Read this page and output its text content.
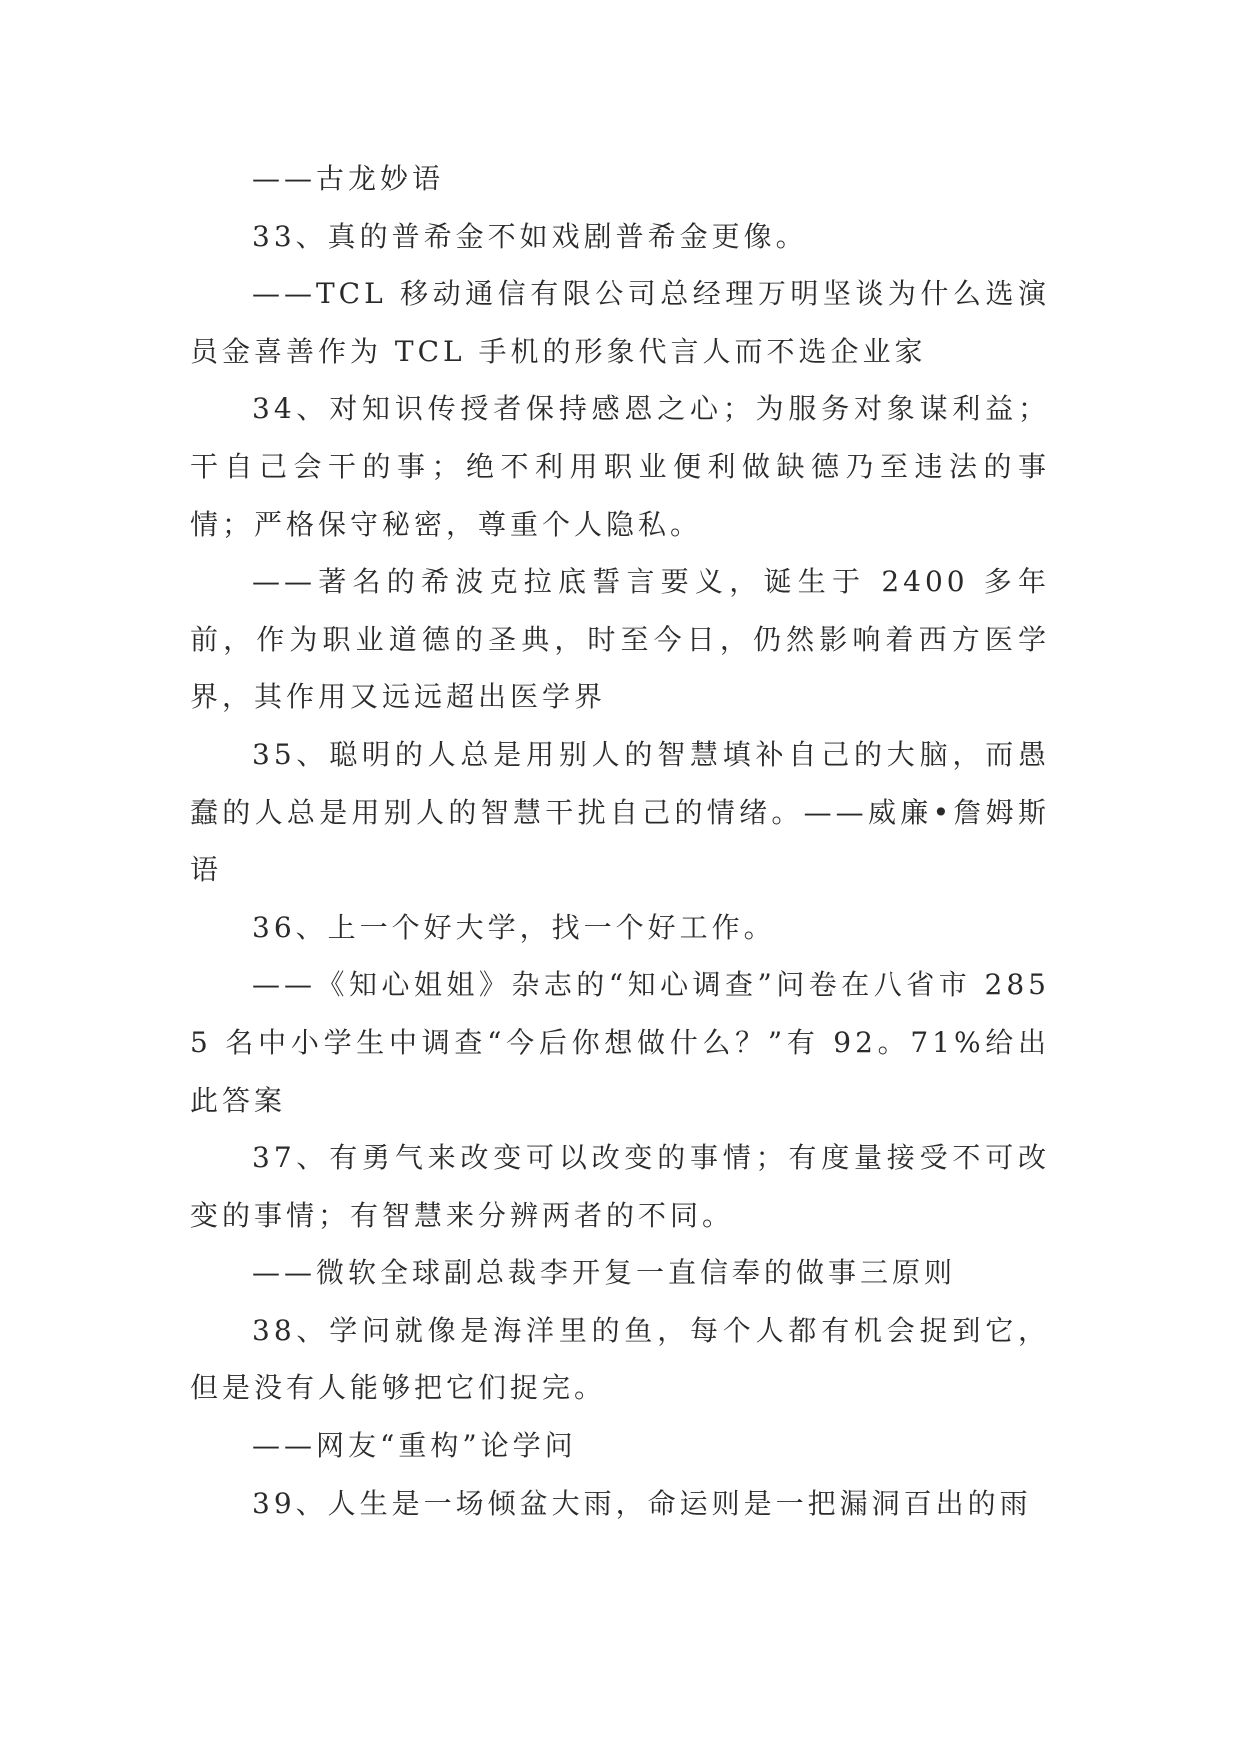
——古龙妙语

33、真的普希金不如戏剧普希金更像。

——TCL 移动通信有限公司总经理万明坚谈为什么选演员金喜善作为 TCL 手机的形象代言人而不选企业家

34、对知识传授者保持感恩之心；为服务对象谋利益；干自己会干的事；绝不利用职业便利做缺德乃至违法的事情；严格保守秘密，尊重个人隐私。

——著名的希波克拉底誓言要义，诞生于 2400 多年前，作为职业道德的圣典，时至今日，仍然影响着西方医学界，其作用又远远超出医学界

35、聪明的人总是用别人的智慧填补自己的大脑，而愚蠢的人总是用别人的智慧干扰自己的情绪。——威廉•詹姆斯语

36、上一个好大学，找一个好工作。

——《知心姐姐》杂志的“知心调查”问卷在八省市 2855 名中小学生中调查“今后你想做什么？”有 92。71%给出此答案

37、有勇气来改变可以改变的事情；有度量接受不可改变的事情；有智慧来分辨两者的不同。

——微软全球副总裁李开复一直信奉的做事三原则

38、学问就像是海洋里的鱼，每个人都有机会捉到它，但是没有人能够把它们捉完。

——网友“重构”论学问

39、人生是一场倾盆大雨，命运则是一把漏洞百出的雨
